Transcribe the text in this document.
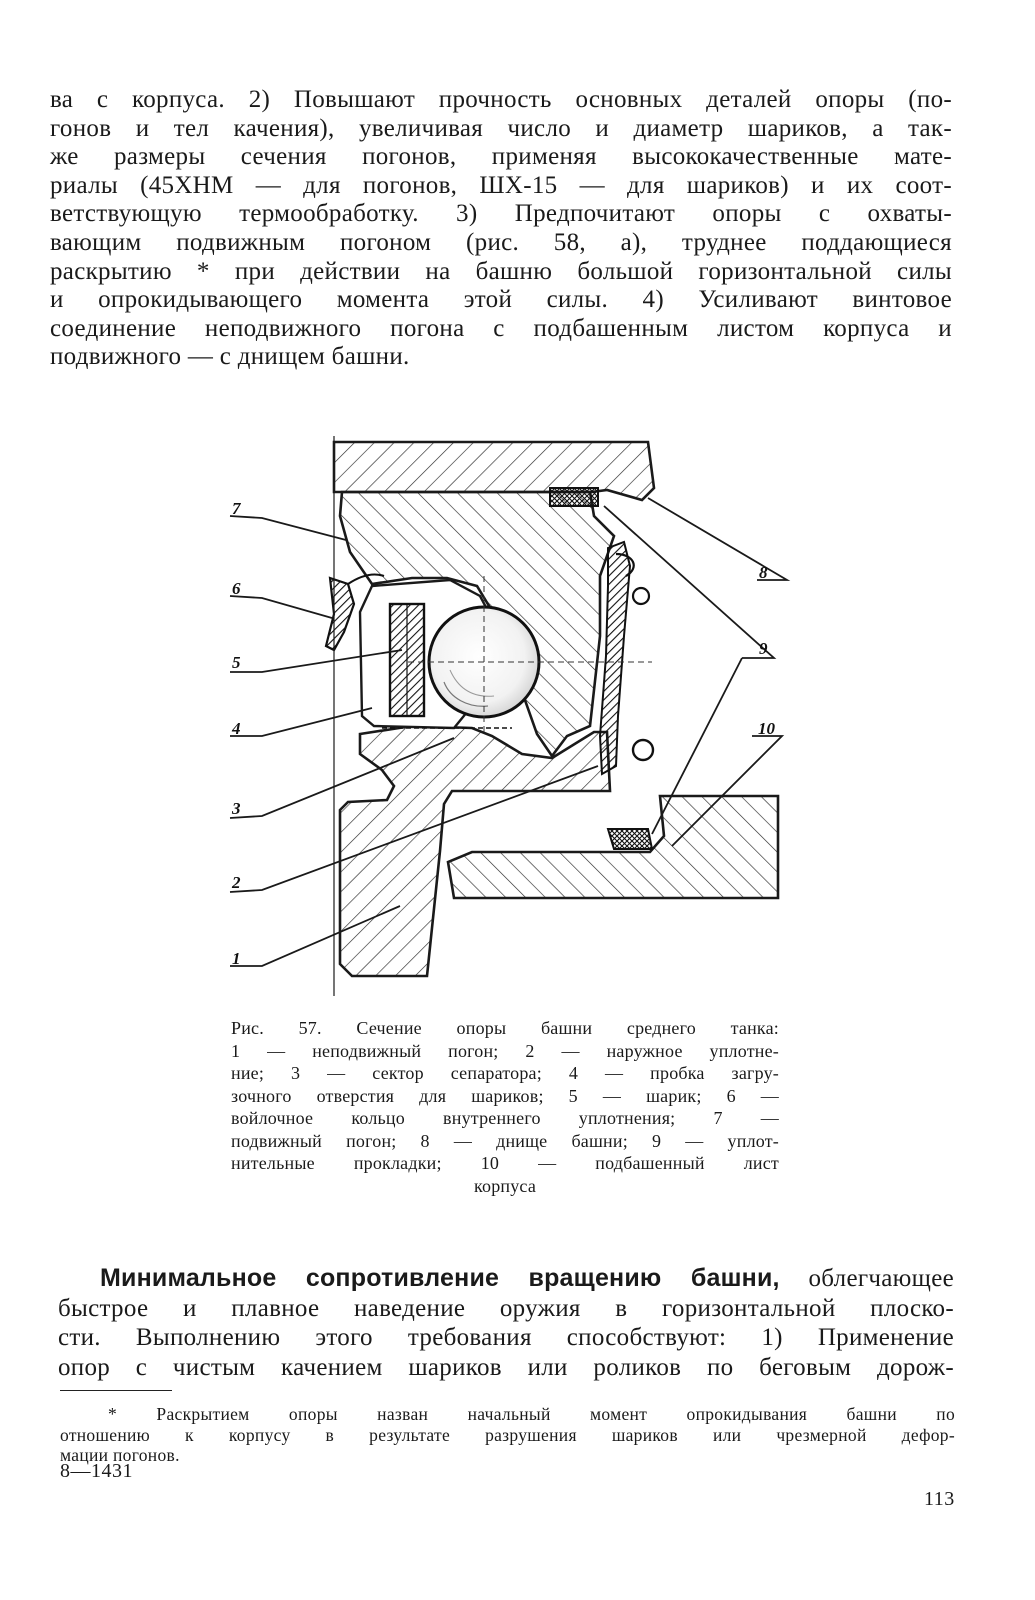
ва с корпуса. 2) Повышают прочность основных деталей опоры (по-
гонов и тел качения), увеличивая число и диаметр шариков, а так-
же размеры сечения погонов, применяя высококачественные мате-
риалы (45ХНМ — для погонов, ШХ-15 — для шариков) и их соот-
ветствующую термообработку. 3) Предпочитают опоры с охваты-
вающим подвижным погоном (рис. 58, а), труднее поддающиеся
раскрытию * при действии на башню большой горизонтальной силы
и опрокидывающего момента этой силы. 4) Усиливают винтовое
соединение неподвижного погона с подбашенным листом корпуса и
подвижного — с днищем башни.
7
6
5
4
3
2
1
8
9
10
Рис. 57. Сечение опоры башни среднего танка:
1 — неподвижный погон; 2 — наружное уплотне-
ние; 3 — сектор сепаратора; 4 — пробка загру-
зочного отверстия для шариков; 5 — шарик; 6 —
войлочное кольцо внутреннего уплотнения; 7 —
подвижный погон; 8 — днище башни; 9 — уплот-
нительные прокладки; 10 — подбашенный лист
корпуса
Минимальное сопротивление вращению башни, облегчающее
быстрое и плавное наведение оружия в горизонтальной плоско-
сти. Выполнению этого требования способствуют: 1) Применение
опор с чистым качением шариков или роликов по беговым дорож-
* Раскрытием опоры назван начальный момент опрокидывания башни по
отношению к корпусу в результате разрушения шариков или чрезмерной дефор-
мации погонов.
8—1431
113
